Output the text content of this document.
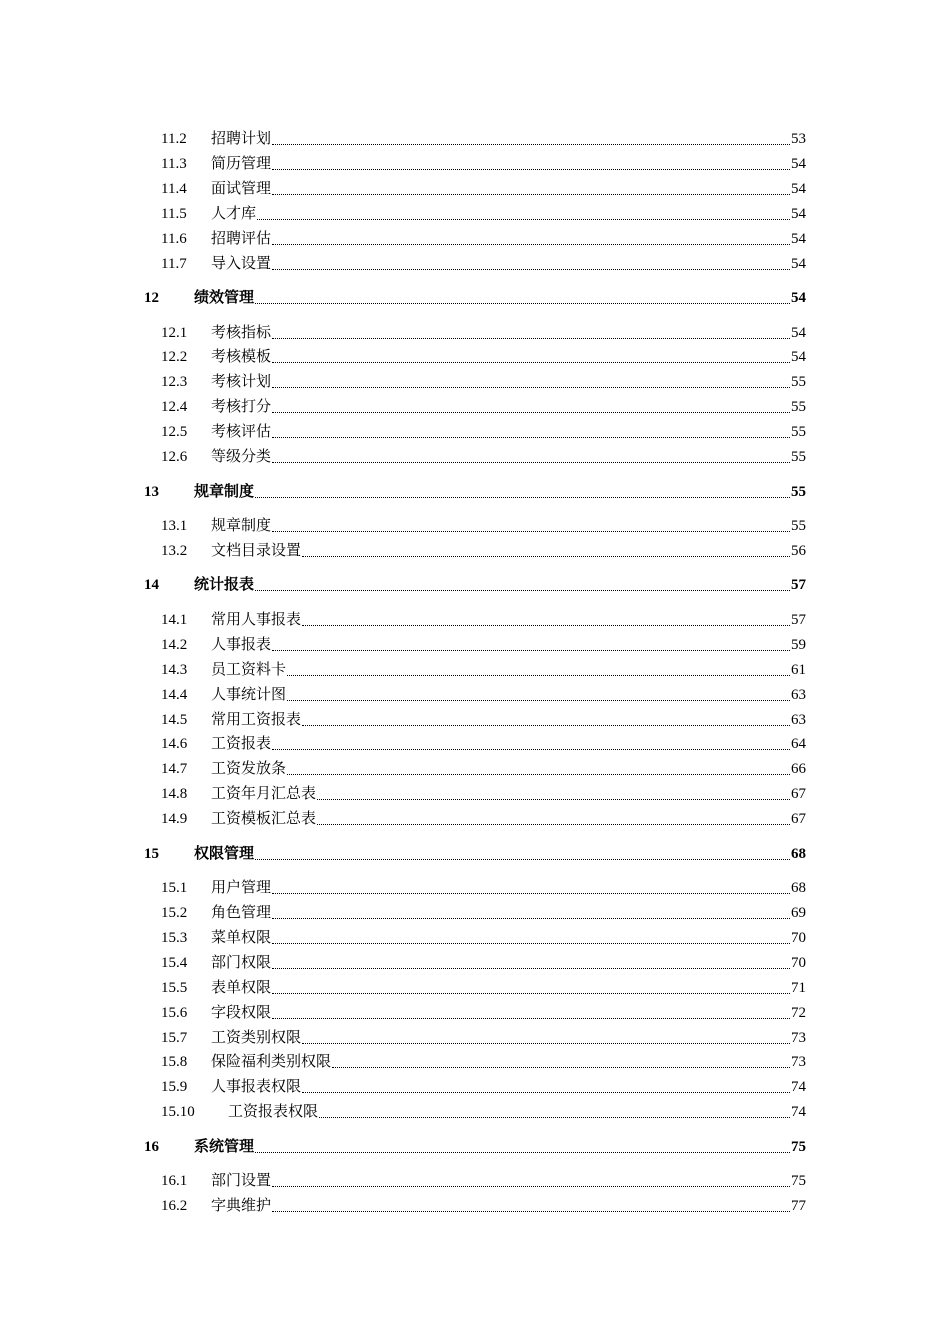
11.2 招聘计划	53
11.3 简历管理	54
11.4 面试管理	54
11.5 人才库	54
11.6 招聘评估	54
11.7 导入设置	54
12 绩效管理	54
12.1 考核指标	54
12.2 考核模板	54
12.3 考核计划	55
12.4 考核打分	55
12.5 考核评估	55
12.6 等级分类	55
13 规章制度	55
13.1 规章制度	55
13.2 文档目录设置	56
14 统计报表	57
14.1 常用人事报表	57
14.2 人事报表	59
14.3 员工资料卡	61
14.4 人事统计图	63
14.5 常用工资报表	63
14.6 工资报表	64
14.7 工资发放条	66
14.8 工资年月汇总表	67
14.9 工资模板汇总表	67
15 权限管理	68
15.1 用户管理	68
15.2 角色管理	69
15.3 菜单权限	70
15.4 部门权限	70
15.5 表单权限	71
15.6 字段权限	72
15.7 工资类别权限	73
15.8 保险福利类别权限	73
15.9 人事报表权限	74
15.10 工资报表权限	74
16 系统管理	75
16.1 部门设置	75
16.2 字典维护	77
